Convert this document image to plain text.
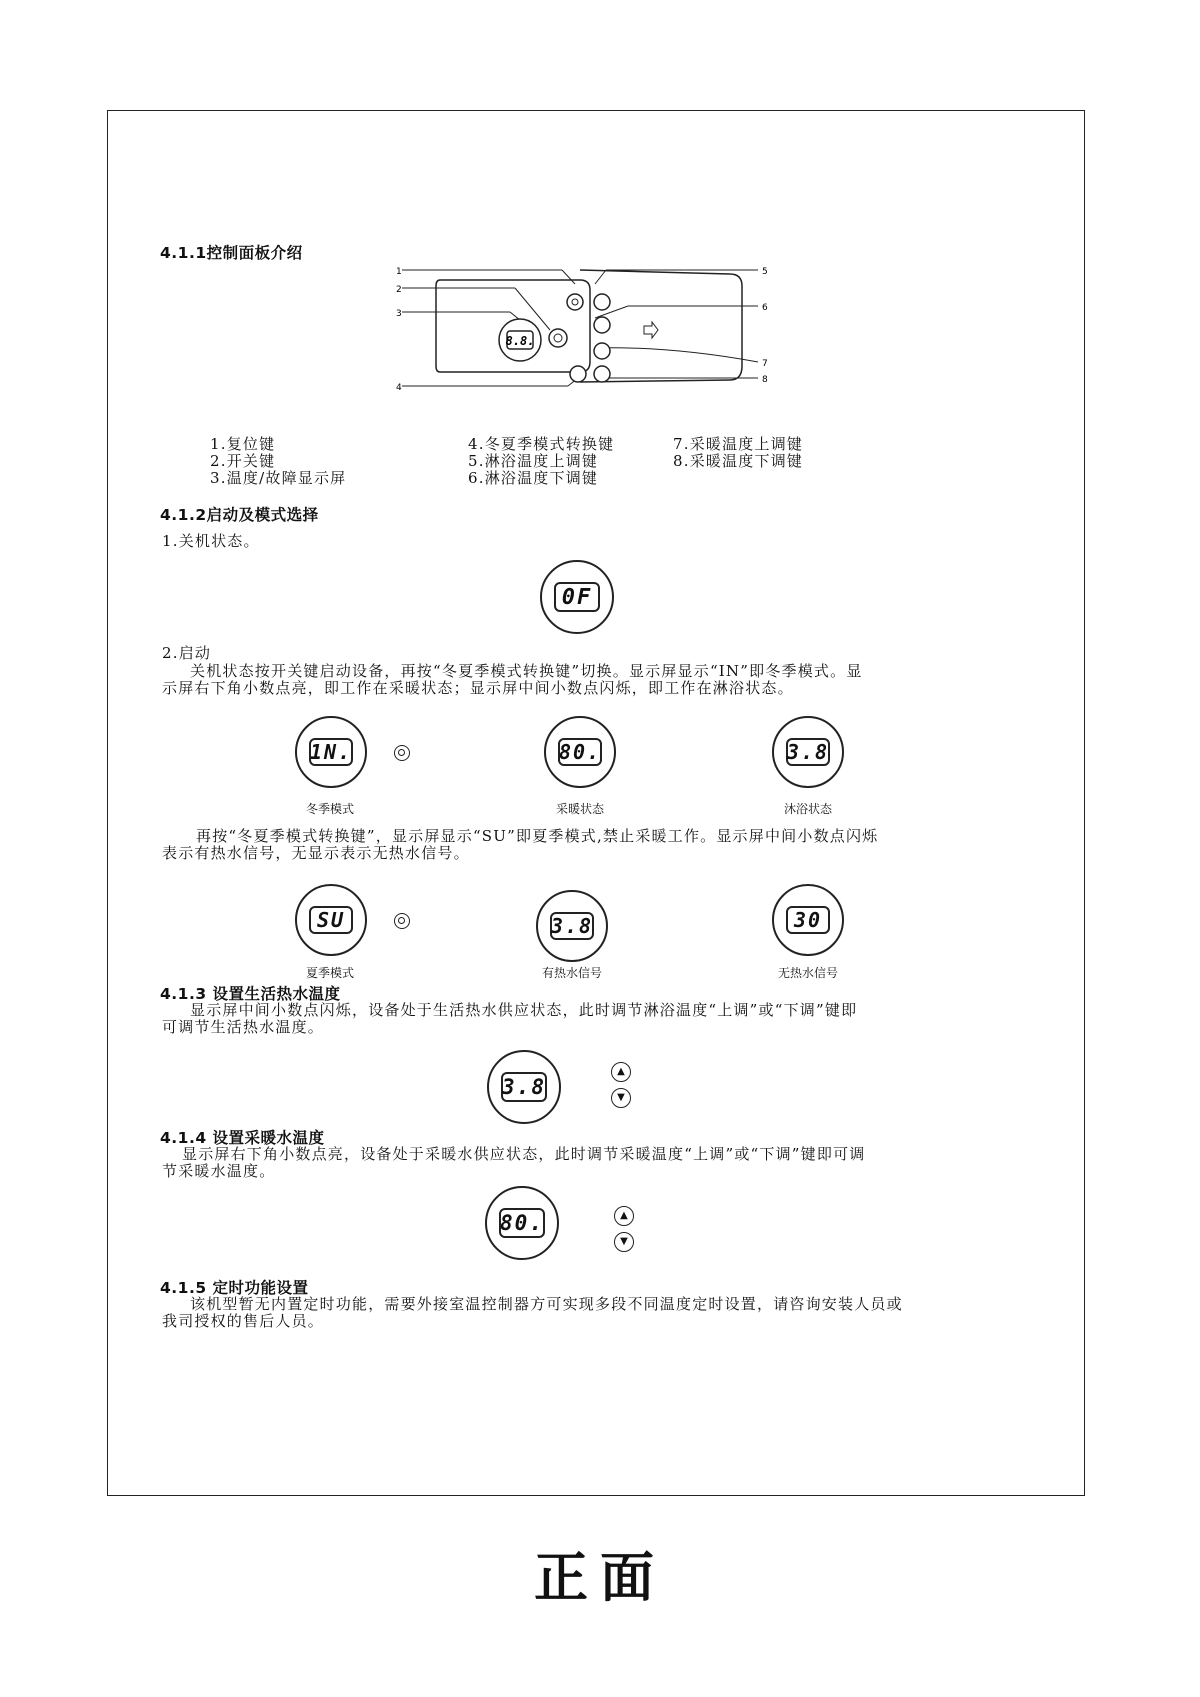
4.1.1控制面板介绍
8.8.
1
2
3
4
5
6
7
8
1.复位键
2.开关键
3.温度/故障显示屏
4.冬夏季模式转换键
5.淋浴温度上调键
6.淋浴温度下调键
7.采暖温度上调键
8.采暖温度下调键
4.1.2启动及模式选择
1.关机状态。
0F
2.启动
关机状态按开关键启动设备，再按“冬夏季模式转换键”切换。显示屏显示“IN”即冬季模式。显
示屏右下角小数点亮，即工作在采暖状态；显示屏中间小数点闪烁，即工作在淋浴状态。
1N.
冬季模式
80.
采暖状态
3.8
沐浴状态
再按“冬夏季模式转换键”，显示屏显示“SU”即夏季模式,禁止采暖工作。显示屏中间小数点闪烁
表示有热水信号，无显示表示无热水信号。
SU
夏季模式
3.8
有热水信号
30
无热水信号
4.1.3 设置生活热水温度
显示屏中间小数点闪烁，设备处于生活热水供应状态，此时调节淋浴温度“上调”或“下调”键即
可调节生活热水温度。
3.8
▲
▼
4.1.4 设置采暖水温度
显示屏右下角小数点亮，设备处于采暖水供应状态，此时调节采暖温度“上调”或“下调”键即可调
节采暖水温度。
80.	▲
▼
4.1.5 定时功能设置
该机型暂无内置定时功能，需要外接室温控制器方可实现多段不同温度定时设置，请咨询安装人员或
我司授权的售后人员。
正面
